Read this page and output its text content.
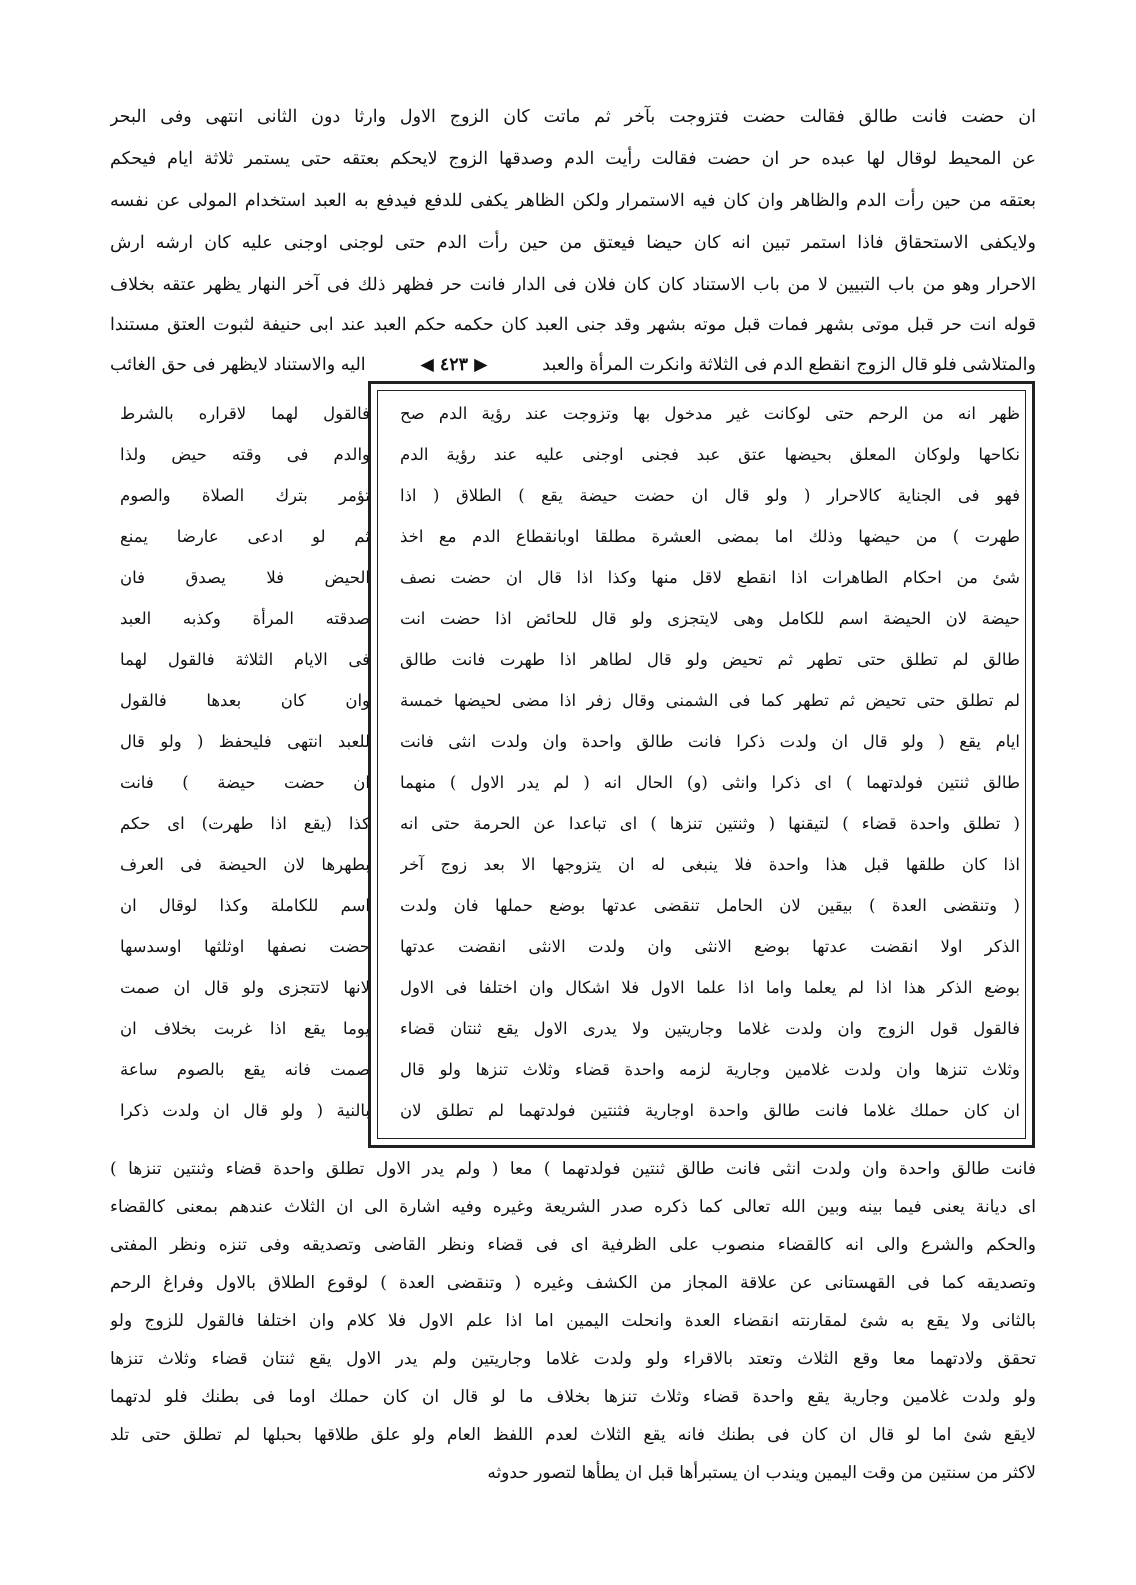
ان حضت فانت طالق فقالت حضت فتزوجت بآخر ثم ماتت كان الزوج الاول وارثا دون الثانى انتهى وفى البحر
عن المحيط لوقال لها عبده حر ان حضت فقالت رأيت الدم وصدقها الزوج لايحكم بعتقه حتى يستمر ثلاثة ايام فيحكم
بعتقه من حين رأت الدم والظاهر وان كان فيه الاستمرار ولكن الظاهر يكفى للدفع فيدفع به العبد استخدام المولى عن نفسه
ولايكفى الاستحقاق فاذا استمر تبين انه كان حيضا فيعتق من حين رأت الدم حتى لوجنى اوجنى عليه كان ارشه ارش
الاحرار وهو من باب التبيين لا من باب الاستناد كان كان فلان فى الدار فانت حر فظهر ذلك فى آخر النهار يظهر عتقه بخلاف
قوله انت حر قبل موتى بشهر فمات قبل موته بشهر وقد جنى العبد كان حكمه حكم العبد عند ابى حنيفة لثبوت العتق مستندا
والمتلاشى فلو قال الزوج انقطع الدم فى الثلاثة وانكرت المرأة والعبد
◀ ٤٢٣ ▶
اليه والاستناد لايظهر فى حق الغائب
ظهر انه من الرحم حتى لوكانت غير مدخول بها وتزوجت عند رؤية الدم صح
نكاحها ولوكان المعلق بحيضها عتق عبد فجنى اوجنى عليه عند رؤية الدم
فهو فى الجناية كالاحرار ( ولو قال ان حضت حيضة يقع ) الطلاق ( اذا
طهرت ) من حيضها وذلك اما بمضى العشرة مطلقا اوبانقطاع الدم مع اخذ
شئ من احكام الطاهرات اذا انقطع لاقل منها وكذا اذا قال ان حضت نصف
حيضة لان الحيضة اسم للكامل وهى لايتجزى ولو قال للحائض اذا حضت انت
طالق لم تطلق حتى تطهر ثم تحيض ولو قال لطاهر اذا طهرت فانت طالق
لم تطلق حتى تحيض ثم تطهر كما فى الشمنى وقال زفر اذا مضى لحيضها خمسة
ايام يقع ( ولو قال ان ولدت ذكرا فانت طالق واحدة وان ولدت انثى فانت
طالق ثنتين فولدتهما ) اى ذكرا وانثى (و) الحال انه ( لم يدر الاول ) منهما
( تطلق واحدة قضاء ) لتيقنها ( وثنتين تنزها ) اى تباعدا عن الحرمة حتى انه
اذا كان طلقها قبل هذا واحدة فلا ينبغى له ان يتزوجها الا بعد زوج آخر
( وتنقضى العدة ) بيقين لان الحامل تنقضى عدتها بوضع حملها فان ولدت
الذكر اولا انقضت عدتها بوضع الانثى وان ولدت الانثى انقضت عدتها
بوضع الذكر هذا اذا لم يعلما واما اذا علما الاول فلا اشكال وان اختلفا فى الاول
فالقول قول الزوج وان ولدت غلاما وجاريتين ولا يدرى الاول يقع ثنتان قضاء
وثلاث تنزها وان ولدت غلامين وجارية لزمه واحدة قضاء وثلاث تنزها ولو قال
ان كان حملك غلاما فانت طالق واحدة اوجارية فثنتين فولدتهما لم تطلق لان
فالقول لهما لاقراره بالشرط
والدم فى وقته حيض ولذا
تؤمر بترك الصلاة والصوم
ثم لو ادعى عارضا يمنع
الحيض فلا يصدق فان
صدقته المرأة وكذبه العبد
فى الايام الثلاثة فالقول لهما
وان كان بعدها فالقول
للعبد انتهى فليحفظ ( ولو قال
ان حضت حيضة ) فانت
كذا (يقع اذا طهرت) اى حكم
بطهرها لان الحيضة فى العرف
اسم للكاملة وكذا لوقال ان
حضت نصفها اوثلثها اوسدسها
لانها لاتتجزى ولو قال ان صمت
يوما يقع اذا غربت بخلاف ان
صمت فانه يقع بالصوم ساعة
بالنية ( ولو قال ان ولدت ذكرا
فانت طالق واحدة وان ولدت انثى فانت طالق ثنتين فولدتهما ) معا ( ولم يدر الاول تطلق واحدة قضاء وثنتين تنزها )
اى ديانة يعنى فيما بينه وبين الله تعالى كما ذكره صدر الشريعة وغيره وفيه اشارة الى ان الثلاث عندهم بمعنى كالقضاء
والحكم والشرع والى انه كالقضاء منصوب على الظرفية اى فى قضاء ونظر القاضى وتصديقه وفى تنزه ونظر المفتى
وتصديقه كما فى القهستانى عن علاقة المجاز من الكشف وغيره ( وتنقضى العدة ) لوقوع الطلاق بالاول وفراغ الرحم
بالثانى ولا يقع به شئ لمقارنته انقضاء العدة وانحلت اليمين اما اذا علم الاول فلا كلام وان اختلفا فالقول للزوج ولو
تحقق ولادتهما معا وقع الثلاث وتعتد بالاقراء ولو ولدت غلاما وجاريتين ولم يدر الاول يقع ثنتان قضاء وثلاث تنزها
ولو ولدت غلامين وجارية يقع واحدة قضاء وثلاث تنزها بخلاف ما لو قال ان كان حملك اوما فى بطنك فلو لدتهما
لايقع شئ اما لو قال ان كان فى بطنك فانه يقع الثلاث لعدم اللفظ العام ولو علق طلاقها بحبلها لم تطلق حتى تلد
لاكثر من سنتين من وقت اليمين ويندب ان يستبرأها قبل ان يطأها لتصور حدوثه
